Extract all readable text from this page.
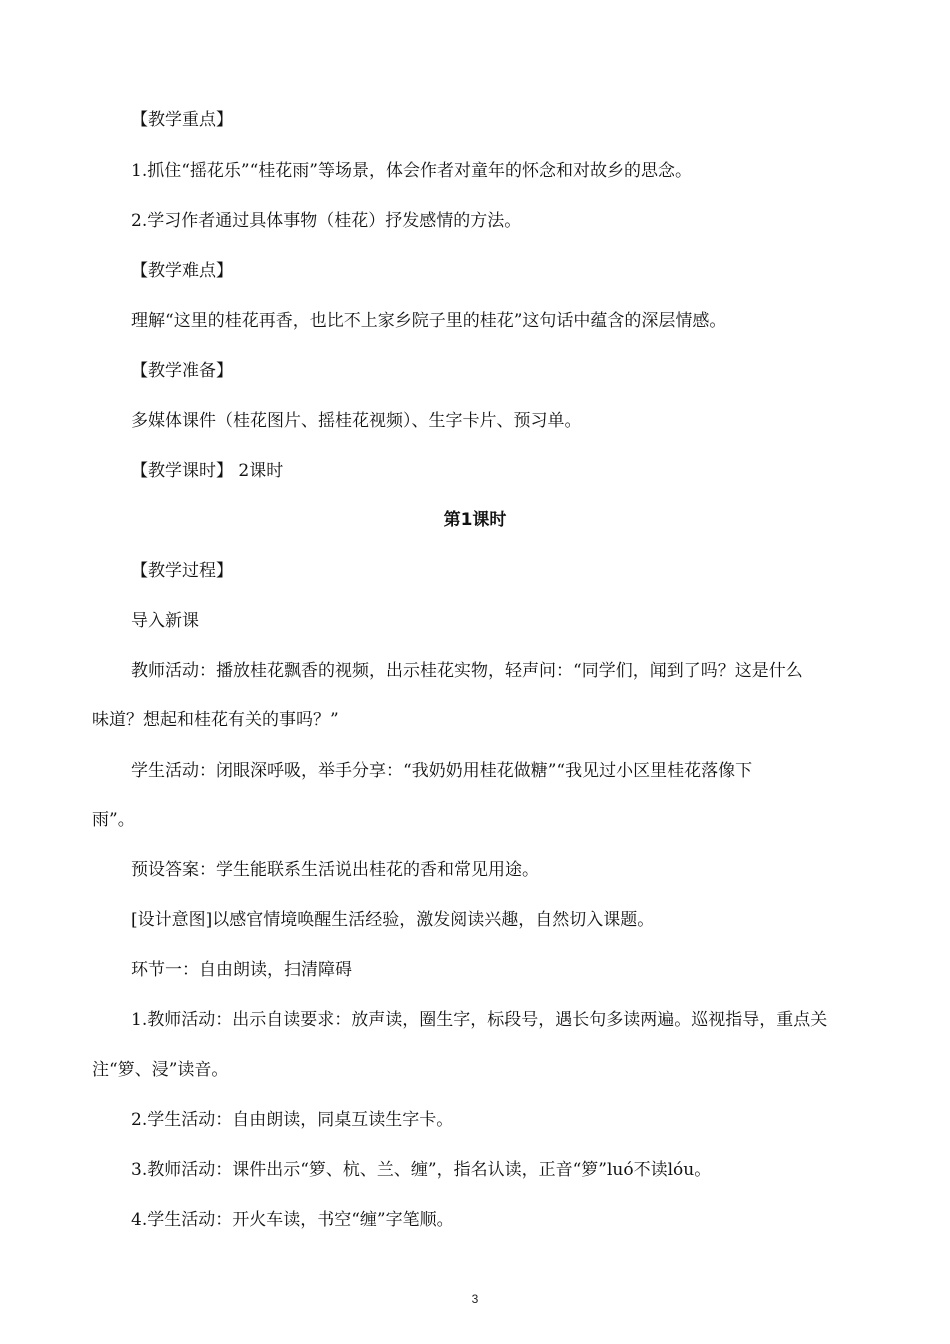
【教学重点】
1.抓住“摇花乐”“桂花雨”等场景，体会作者对童年的怀念和对故乡的思念。
2.学习作者通过具体事物（桂花）抒发感情的方法。
【教学难点】
理解“这里的桂花再香，也比不上家乡院子里的桂花”这句话中蕴含的深层情感。
【教学准备】
多媒体课件（桂花图片、摇桂花视频）、生字卡片、预习单。
【教学课时】 2课时
第1课时
【教学过程】
导入新课
教师活动：播放桂花飘香的视频，出示桂花实物，轻声问：“同学们，闻到了吗？这是什么
味道？想起和桂花有关的事吗？”
学生活动：闭眼深呼吸，举手分享：“我奶奶用桂花做糖”“我见过小区里桂花落像下
雨”。
预设答案：学生能联系生活说出桂花的香和常见用途。
[设计意图]以感官情境唤醒生活经验，激发阅读兴趣，自然切入课题。
环节一：自由朗读，扫清障碍
1.教师活动：出示自读要求：放声读，圈生字，标段号，遇长句多读两遍。巡视指导，重点关
注“箩、浸”读音。
2.学生活动：自由朗读，同桌互读生字卡。
3.教师活动：课件出示“箩、杭、兰、缠”，指名认读，正音“箩”luó不读lóu。
4.学生活动：开火车读，书空“缠”字笔顺。
3
